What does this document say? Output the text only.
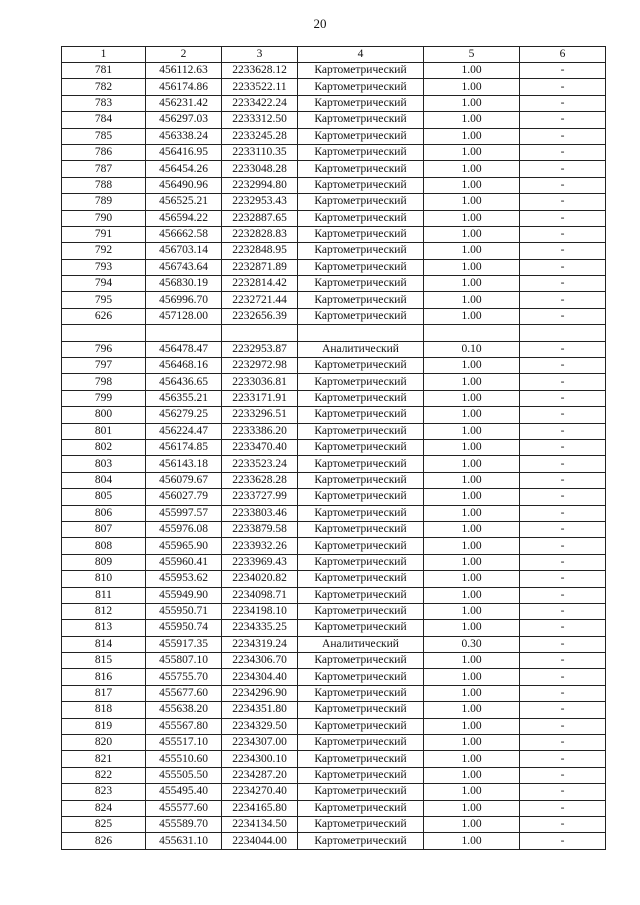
20
1	2	3	4	5	6
781	456112.63	2233628.12	Картометрический	1.00	-
782	456174.86	2233522.11	Картометрический	1.00	-
783	456231.42	2233422.24	Картометрический	1.00	-
784	456297.03	2233312.50	Картометрический	1.00	-
785	456338.24	2233245.28	Картометрический	1.00	-
786	456416.95	2233110.35	Картометрический	1.00	-
787	456454.26	2233048.28	Картометрический	1.00	-
788	456490.96	2232994.80	Картометрический	1.00	-
789	456525.21	2232953.43	Картометрический	1.00	-
790	456594.22	2232887.65	Картометрический	1.00	-
791	456662.58	2232828.83	Картометрический	1.00	-
792	456703.14	2232848.95	Картометрический	1.00	-
793	456743.64	2232871.89	Картометрический	1.00	-
794	456830.19	2232814.42	Картометрический	1.00	-
795	456996.70	2232721.44	Картометрический	1.00	-
626	457128.00	2232656.39	Картометрический	1.00	-

796	456478.47	2232953.87	Аналитический	0.10	-
797	456468.16	2232972.98	Картометрический	1.00	-
798	456436.65	2233036.81	Картометрический	1.00	-
799	456355.21	2233171.91	Картометрический	1.00	-
800	456279.25	2233296.51	Картометрический	1.00	-
801	456224.47	2233386.20	Картометрический	1.00	-
802	456174.85	2233470.40	Картометрический	1.00	-
803	456143.18	2233523.24	Картометрический	1.00	-
804	456079.67	2233628.28	Картометрический	1.00	-
805	456027.79	2233727.99	Картометрический	1.00	-
806	455997.57	2233803.46	Картометрический	1.00	-
807	455976.08	2233879.58	Картометрический	1.00	-
808	455965.90	2233932.26	Картометрический	1.00	-
809	455960.41	2233969.43	Картометрический	1.00	-
810	455953.62	2234020.82	Картометрический	1.00	-
811	455949.90	2234098.71	Картометрический	1.00	-
812	455950.71	2234198.10	Картометрический	1.00	-
813	455950.74	2234335.25	Картометрический	1.00	-
814	455917.35	2234319.24	Аналитический	0.30	-
815	455807.10	2234306.70	Картометрический	1.00	-
816	455755.70	2234304.40	Картометрический	1.00	-
817	455677.60	2234296.90	Картометрический	1.00	-
818	455638.20	2234351.80	Картометрический	1.00	-
819	455567.80	2234329.50	Картометрический	1.00	-
820	455517.10	2234307.00	Картометрический	1.00	-
821	455510.60	2234300.10	Картометрический	1.00	-
822	455505.50	2234287.20	Картометрический	1.00	-
823	455495.40	2234270.40	Картометрический	1.00	-
824	455577.60	2234165.80	Картометрический	1.00	-
825	455589.70	2234134.50	Картометрический	1.00	-
826	455631.10	2234044.00	Картометрический	1.00	-
